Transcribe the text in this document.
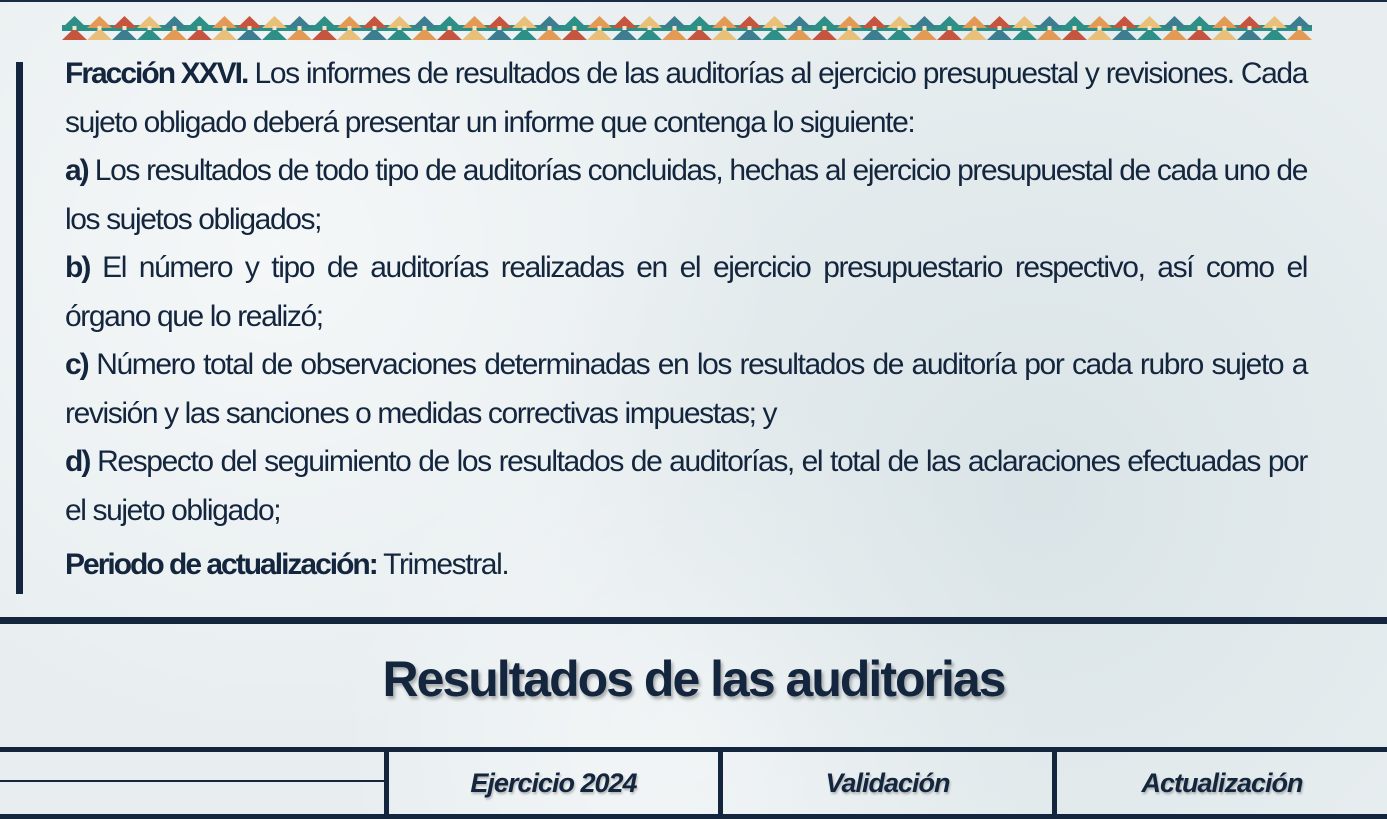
Fracción XXVI. Los informes de resultados de las auditorías al ejercicio presupuestal y revisiones. Cada sujeto obligado deberá presentar un informe que contenga lo siguiente:

a) Los resultados de todo tipo de auditorías concluidas, hechas al ejercicio presupuestal de cada uno de los sujetos obligados;

b) El número y tipo de auditorías realizadas en el ejercicio presupuestario respectivo, así como el órgano que lo realizó;

c) Número total de observaciones determinadas en los resultados de auditoría por cada rubro sujeto a revisión y las sanciones o medidas correctivas impuestas; y

d) Respecto del seguimiento de los resultados de auditorías, el total de las aclaraciones efectuadas por el sujeto obligado;

Periodo de actualización: Trimestral.

Resultados de las auditorias
Ejercicio 2024	Validación	Actualización
